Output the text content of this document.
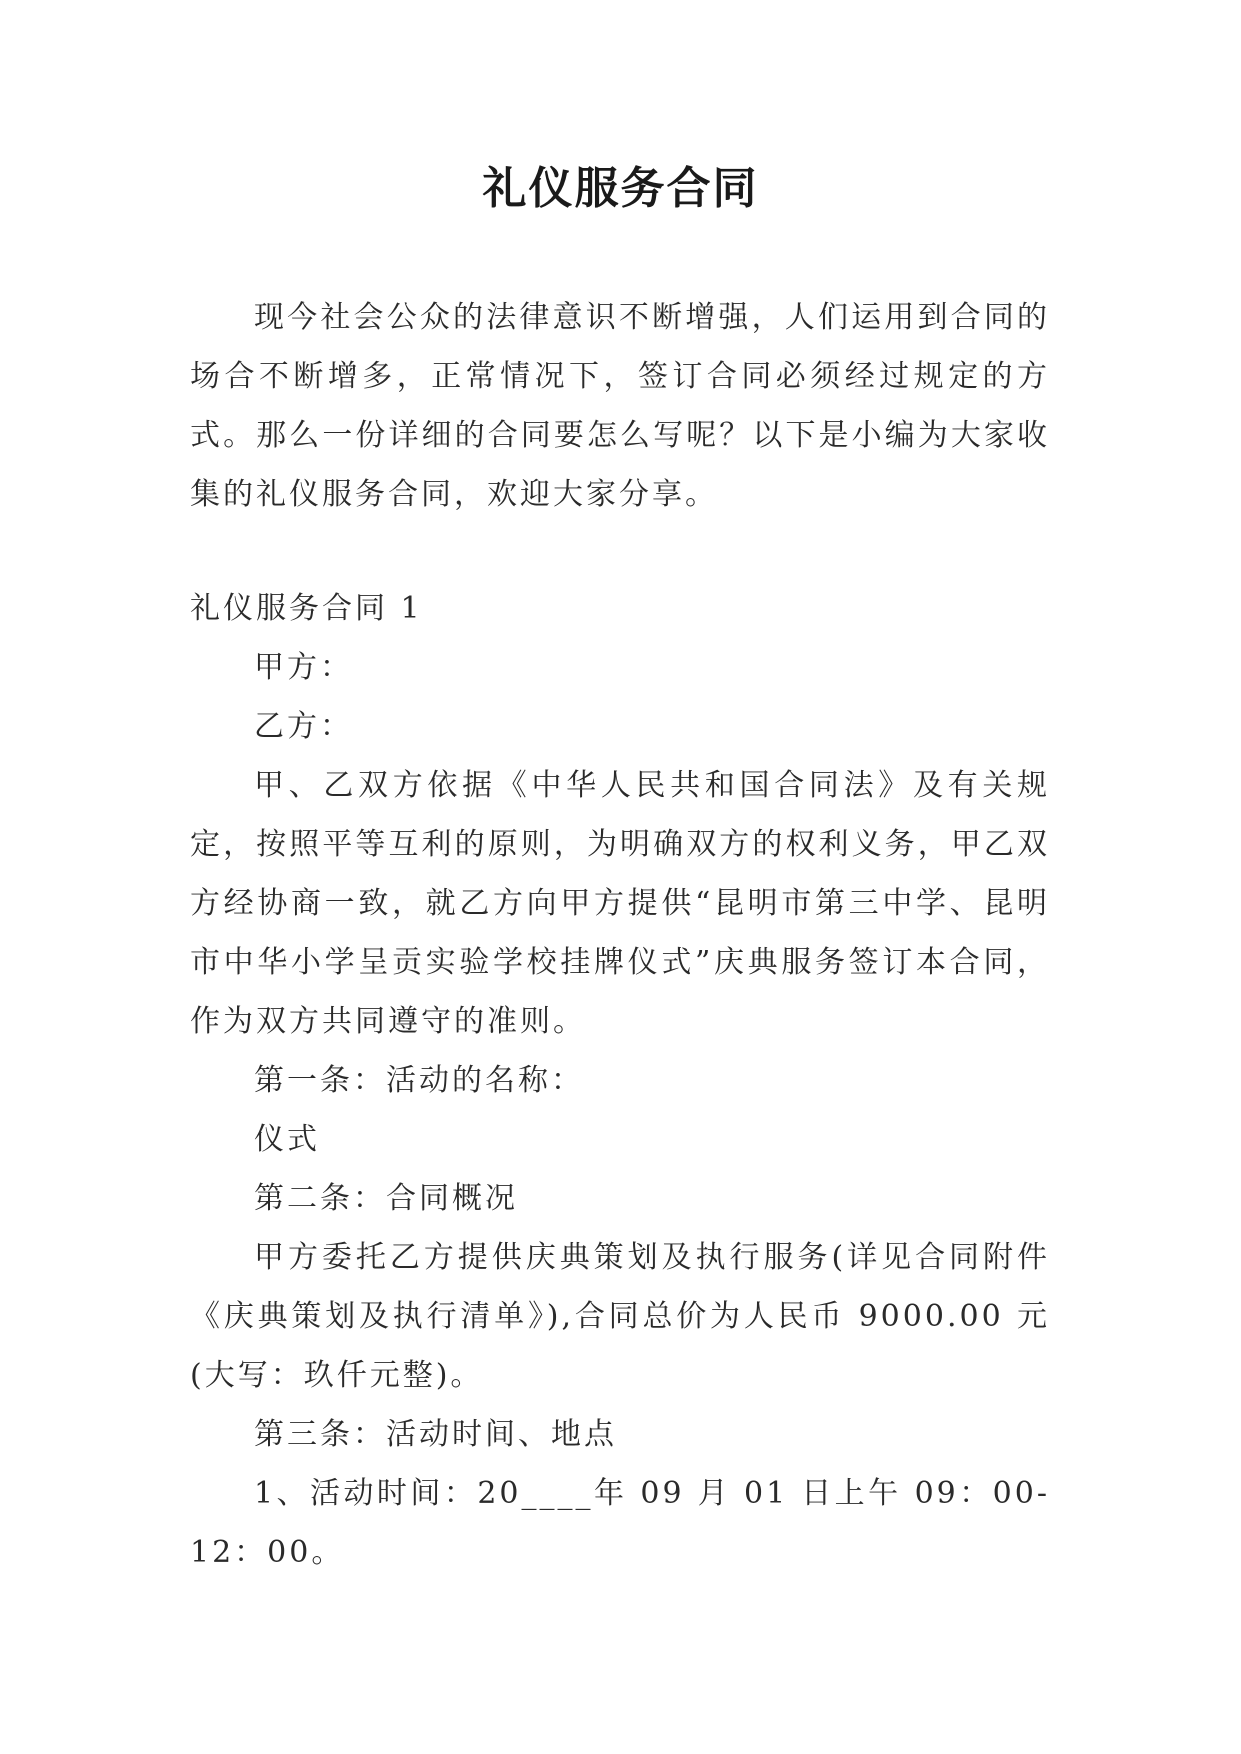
礼仪服务合同

现今社会公众的法律意识不断增强，人们运用到合同的场合不断增多，正常情况下，签订合同必须经过规定的方式。那么一份详细的合同要怎么写呢？以下是小编为大家收集的礼仪服务合同，欢迎大家分享。

礼仪服务合同 1

甲方：

乙方：

甲、乙双方依据《中华人民共和国合同法》及有关规定，按照平等互利的原则，为明确双方的权利义务，甲乙双方经协商一致，就乙方向甲方提供“昆明市第三中学、昆明市中华小学呈贡实验学校挂牌仪式”庆典服务签订本合同，作为双方共同遵守的准则。

第一条：活动的名称：

仪式

第二条：合同概况

甲方委托乙方提供庆典策划及执行服务(详见合同附件《庆典策划及执行清单》),合同总价为人民币 9000.00 元(大写：玖仟元整)。

第三条：活动时间、地点

1、活动时间：20____年 09 月 01 日上午 09：00-12：00。
